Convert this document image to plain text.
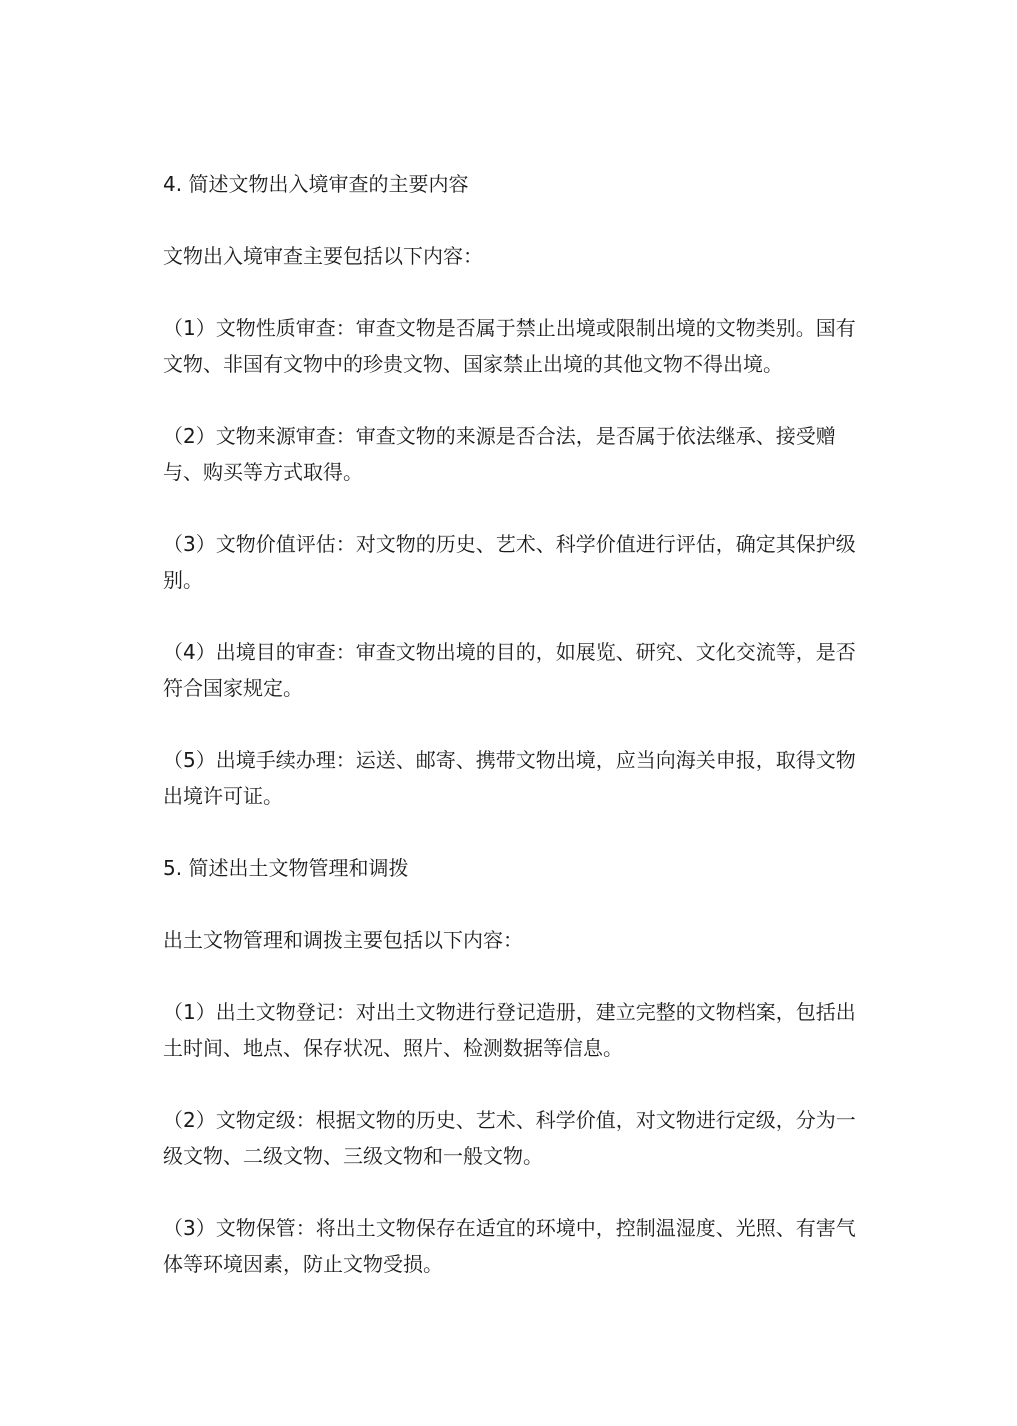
4. 简述文物出入境审查的主要内容

文物出入境审查主要包括以下内容：

（1）文物性质审查：审查文物是否属于禁止出境或限制出境的文物类别。国有文物、非国有文物中的珍贵文物、国家禁止出境的其他文物不得出境。

（2）文物来源审查：审查文物的来源是否合法，是否属于依法继承、接受赠与、购买等方式取得。

（3）文物价值评估：对文物的历史、艺术、科学价值进行评估，确定其保护级别。

（4）出境目的审查：审查文物出境的目的，如展览、研究、文化交流等，是否符合国家规定。

（5）出境手续办理：运送、邮寄、携带文物出境，应当向海关申报，取得文物出境许可证。

5. 简述出土文物管理和调拨

出土文物管理和调拨主要包括以下内容：

（1）出土文物登记：对出土文物进行登记造册，建立完整的文物档案，包括出土时间、地点、保存状况、照片、检测数据等信息。

（2）文物定级：根据文物的历史、艺术、科学价值，对文物进行定级，分为一级文物、二级文物、三级文物和一般文物。

（3）文物保管：将出土文物保存在适宜的环境中，控制温湿度、光照、有害气体等环境因素，防止文物受损。
